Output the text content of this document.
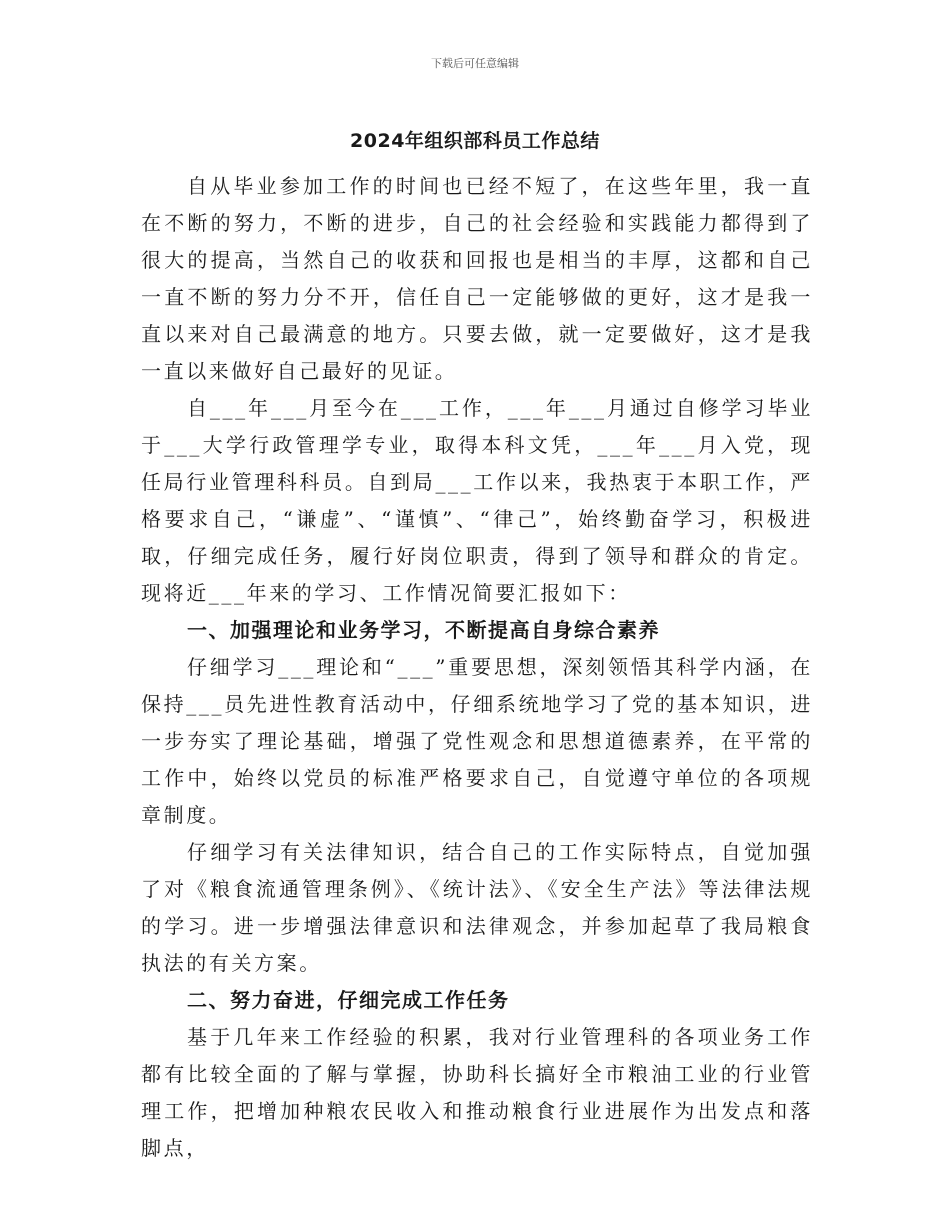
下载后可任意编辑
2024年组织部科员工作总结

自从毕业参加工作的时间也已经不短了，在这些年里，我一直在不断的努力，不断的进步，自己的社会经验和实践能力都得到了很大的提高，当然自己的收获和回报也是相当的丰厚，这都和自己一直不断的努力分不开，信任自己一定能够做的更好，这才是我一直以来对自己最满意的地方。只要去做，就一定要做好，这才是我一直以来做好自己最好的见证。

自___年___月至今在___工作，___年___月通过自修学习毕业于___大学行政管理学专业，取得本科文凭，___年___月入党，现任局行业管理科科员。自到局___工作以来，我热衷于本职工作，严格要求自己，“谦虚”、“谨慎”、“律己”，始终勤奋学习，积极进取，仔细完成任务，履行好岗位职责，得到了领导和群众的肯定。现将近___年来的学习、工作情况简要汇报如下：

一、加强理论和业务学习，不断提高自身综合素养

仔细学习___理论和“___”重要思想，深刻领悟其科学内涵，在保持___员先进性教育活动中，仔细系统地学习了党的基本知识，进一步夯实了理论基础，增强了党性观念和思想道德素养，在平常的工作中，始终以党员的标准严格要求自己，自觉遵守单位的各项规章制度。

仔细学习有关法律知识，结合自己的工作实际特点，自觉加强了对《粮食流通管理条例》、《统计法》、《安全生产法》等法律法规的学习。进一步增强法律意识和法律观念，并参加起草了我局粮食执法的有关方案。

二、努力奋进，仔细完成工作任务

基于几年来工作经验的积累，我对行业管理科的各项业务工作都有比较全面的了解与掌握，协助科长搞好全市粮油工业的行业管理工作，把增加种粮农民收入和推动粮食行业进展作为出发点和落脚点，
